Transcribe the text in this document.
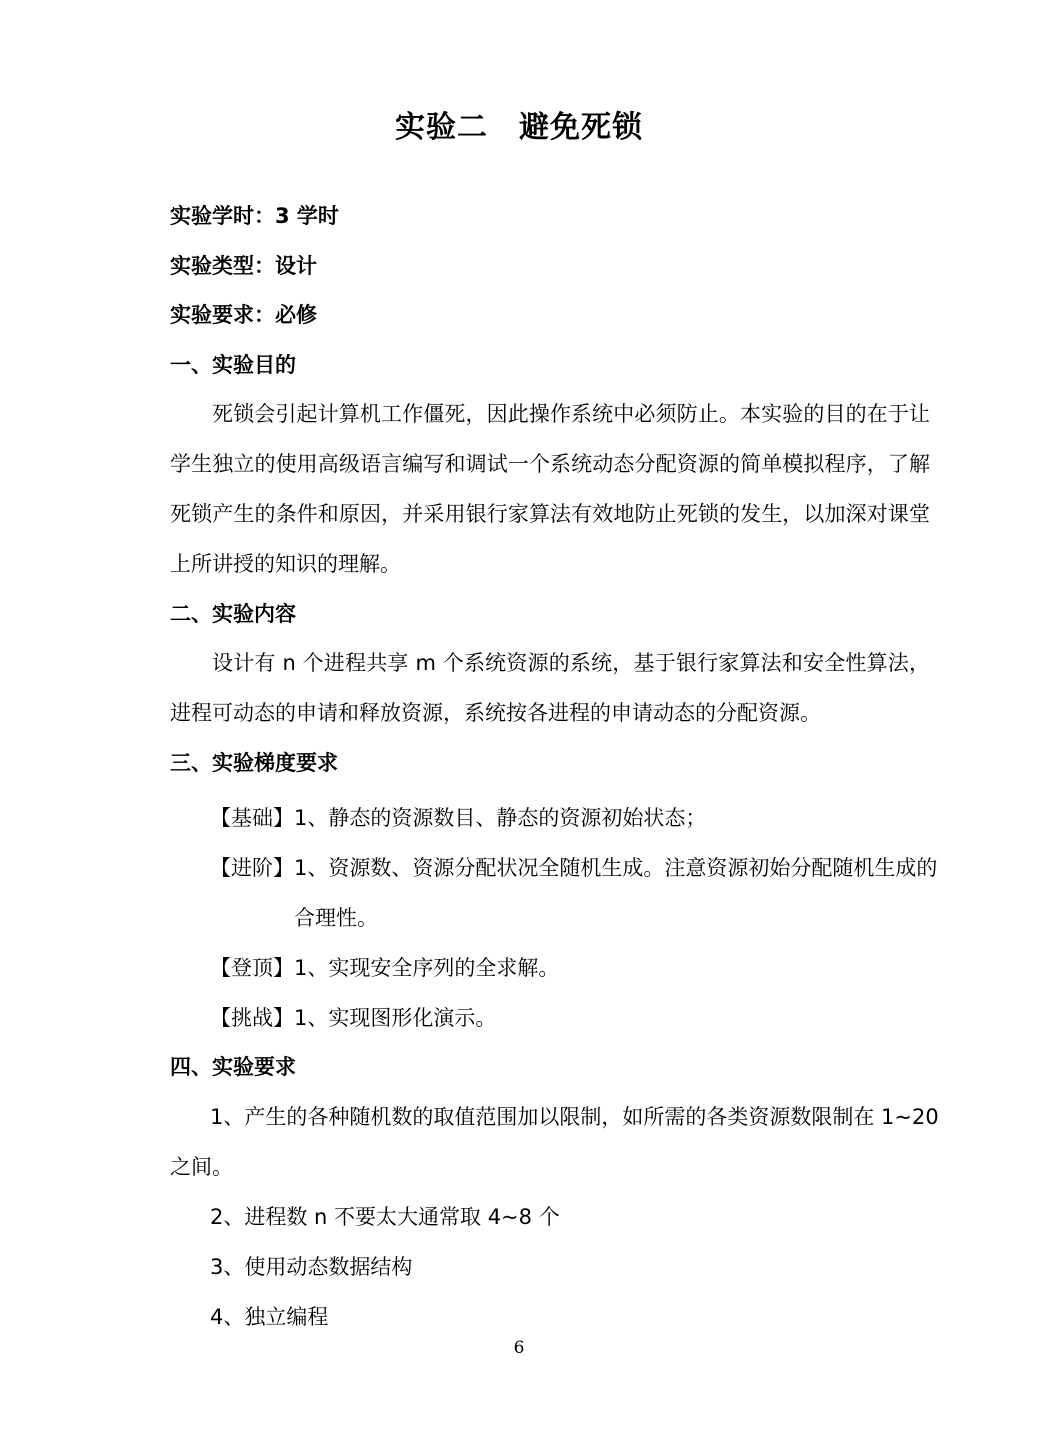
实验二　避免死锁
实验学时：3 学时
实验类型：设计
实验要求：必修
一、实验目的
死锁会引起计算机工作僵死，因此操作系统中必须防止。本实验的目的在于让学生独立的使用高级语言编写和调试一个系统动态分配资源的简单模拟程序，了解死锁产生的条件和原因，并采用银行家算法有效地防止死锁的发生，以加深对课堂上所讲授的知识的理解。
二、实验内容
设计有 n 个进程共享 m 个系统资源的系统，基于银行家算法和安全性算法，进程可动态的申请和释放资源，系统按各进程的申请动态的分配资源。
三、实验梯度要求
【基础】1、静态的资源数目、静态的资源初始状态；
【进阶】1、资源数、资源分配状况全随机生成。注意资源初始分配随机生成的
合理性。
【登顶】1、实现安全序列的全求解。
【挑战】1、实现图形化演示。
四、实验要求
1、产生的各种随机数的取值范围加以限制，如所需的各类资源数限制在 1~20
之间。
2、进程数 n 不要太大通常取 4~8 个
3、使用动态数据结构
4、独立编程
6
